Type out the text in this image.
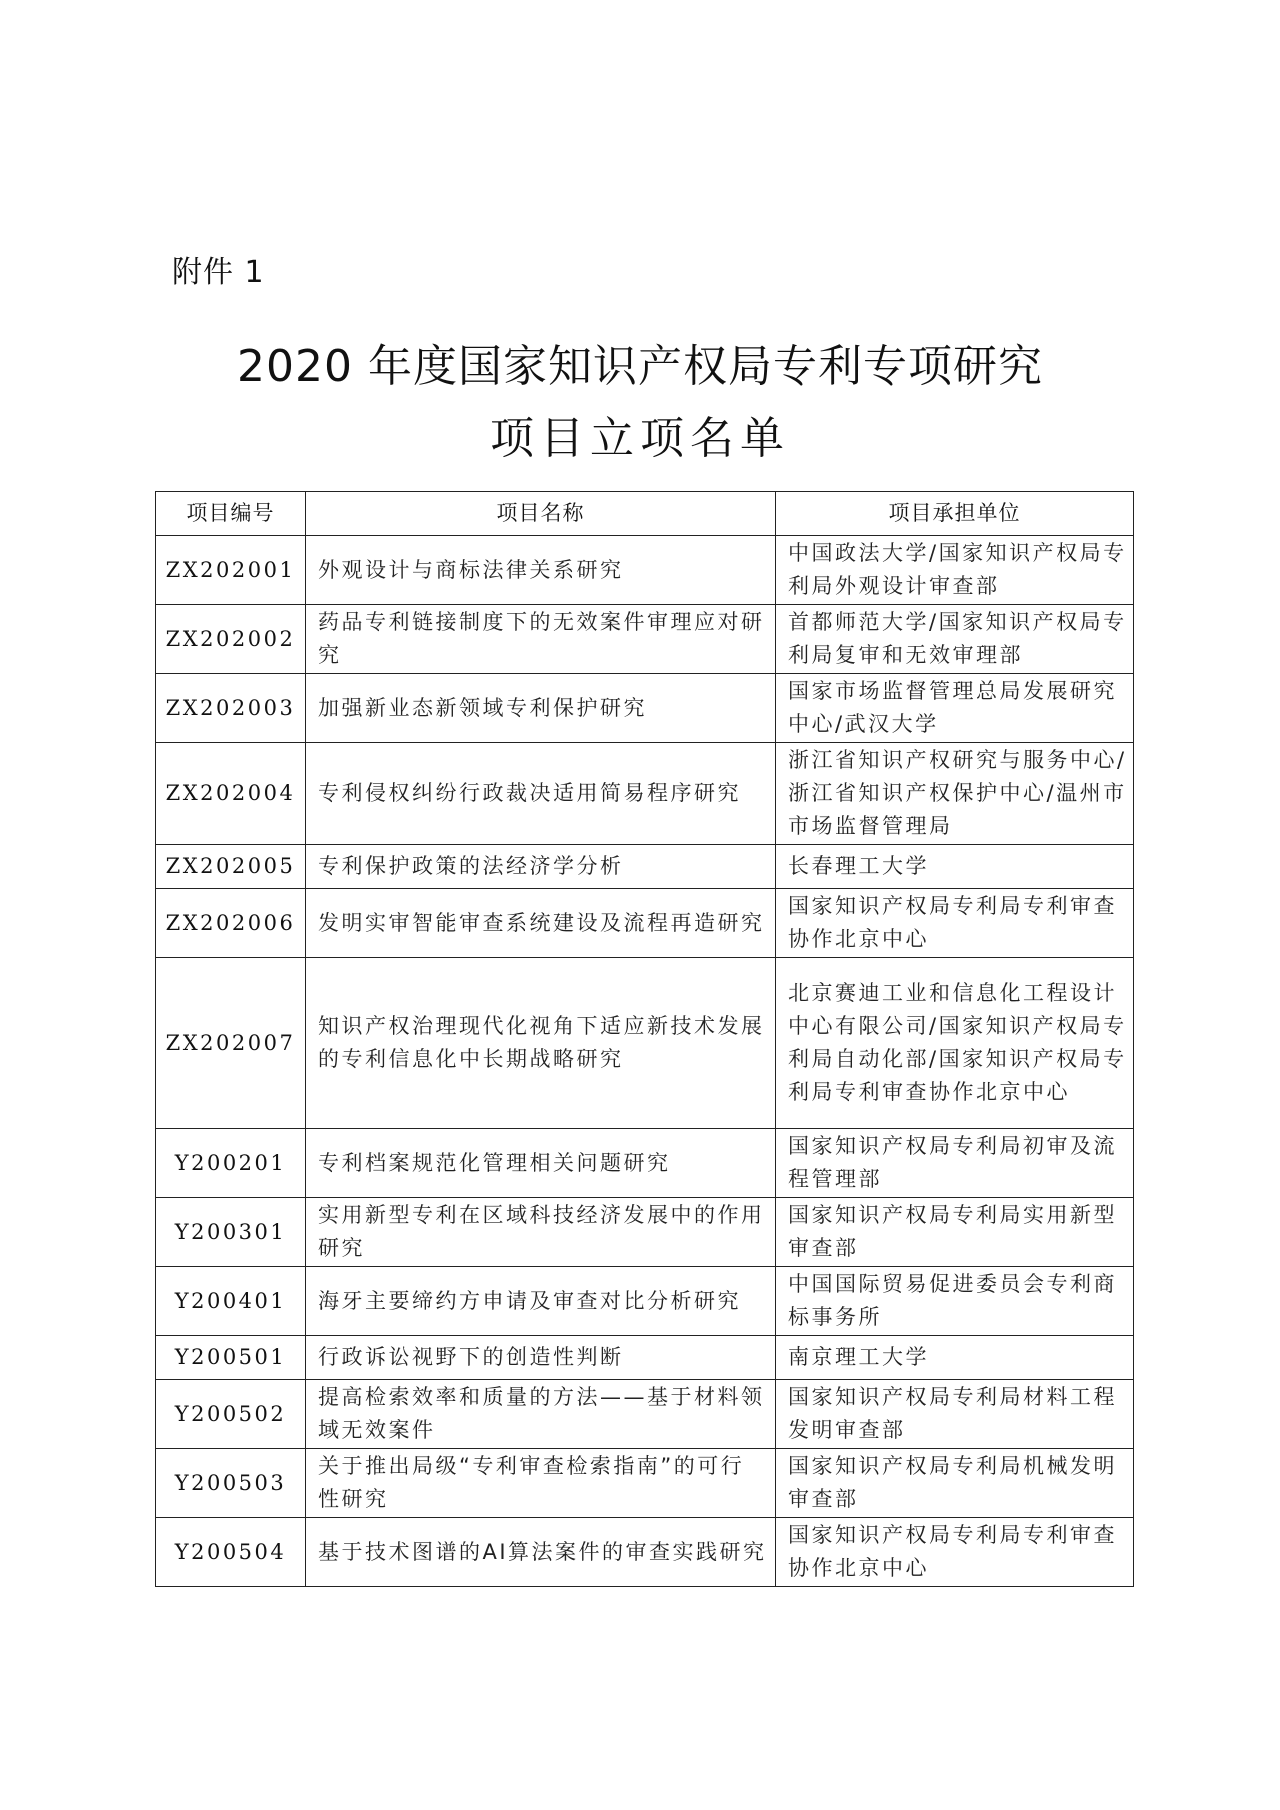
附件 1
2020 年度国家知识产权局专利专项研究
项目立项名单
项目编号	项目名称	项目承担单位
ZX202001	外观设计与商标法律关系研究	中国政法大学/国家知识产权局专利局外观设计审查部
ZX202002	药品专利链接制度下的无效案件审理应对研究	首都师范大学/国家知识产权局专利局复审和无效审理部
ZX202003	加强新业态新领域专利保护研究	国家市场监督管理总局发展研究中心/武汉大学
ZX202004	专利侵权纠纷行政裁决适用简易程序研究	浙江省知识产权研究与服务中心/浙江省知识产权保护中心/温州市市场监督管理局
ZX202005	专利保护政策的法经济学分析	长春理工大学
ZX202006	发明实审智能审查系统建设及流程再造研究	国家知识产权局专利局专利审查协作北京中心
ZX202007	知识产权治理现代化视角下适应新技术发展的专利信息化中长期战略研究	北京赛迪工业和信息化工程设计中心有限公司/国家知识产权局专利局自动化部/国家知识产权局专利局专利审查协作北京中心
Y200201	专利档案规范化管理相关问题研究	国家知识产权局专利局初审及流程管理部
Y200301	实用新型专利在区域科技经济发展中的作用研究	国家知识产权局专利局实用新型审查部
Y200401	海牙主要缔约方申请及审查对比分析研究	中国国际贸易促进委员会专利商标事务所
Y200501	行政诉讼视野下的创造性判断	南京理工大学
Y200502	提高检索效率和质量的方法——基于材料领域无效案件	国家知识产权局专利局材料工程发明审查部
Y200503	关于推出局级“专利审查检索指南”的可行性研究	国家知识产权局专利局机械发明审查部
Y200504	基于技术图谱的AI算法案件的审查实践研究	国家知识产权局专利局专利审查协作北京中心
